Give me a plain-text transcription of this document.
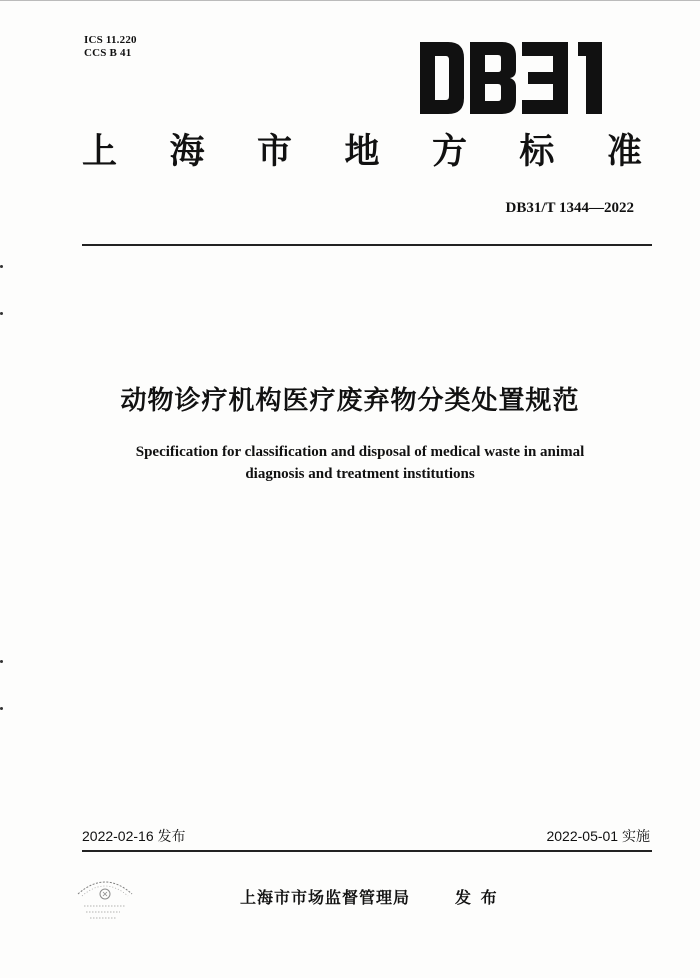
ICS 11.220
CCS B 41
上 海 市 地 方 标 准
DB31/T 1344—2022
动物诊疗机构医疗废弃物分类处置规范
Specification for classification and disposal of medical waste in animal
diagnosis and treatment institutions
2022-02-16 发布	2022-05-01 实施
上海市市场监督管理局	发 布
